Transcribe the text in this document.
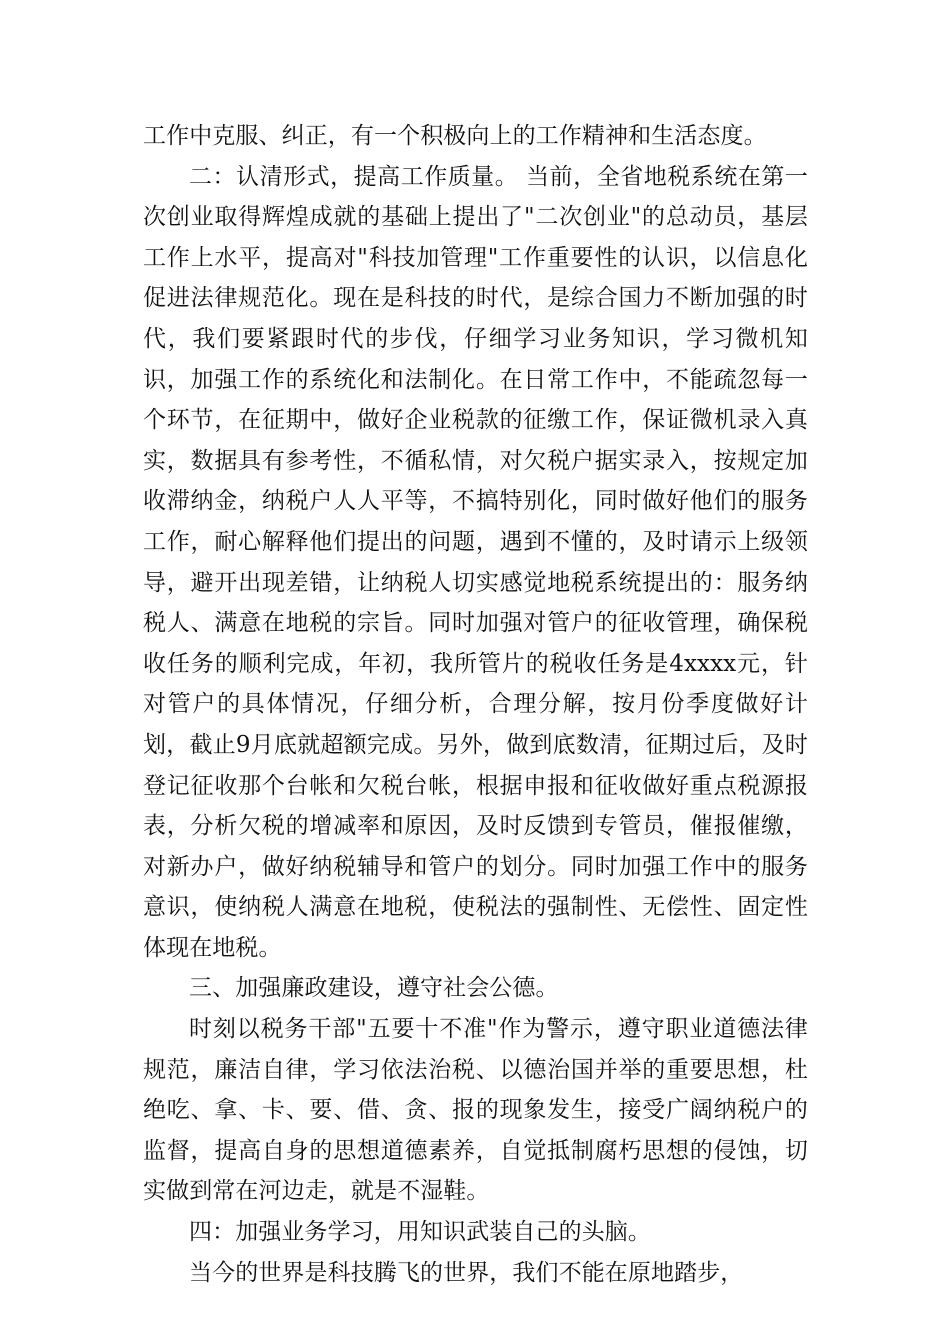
工作中克服、纠正，有一个积极向上的工作精神和生活态度。

二：认清形式，提高工作质量。 当前，全省地税系统在第一次创业取得辉煌成就的基础上提出了"二次创业"的总动员，基层工作上水平，提高对"科技加管理"工作重要性的认识，以信息化促进法律规范化。现在是科技的时代，是综合国力不断加强的时代，我们要紧跟时代的步伐，仔细学习业务知识，学习微机知识，加强工作的系统化和法制化。在日常工作中，不能疏忽每一个环节，在征期中，做好企业税款的征缴工作，保证微机录入真实，数据具有参考性，不循私情，对欠税户据实录入，按规定加收滞纳金，纳税户人人平等，不搞特别化，同时做好他们的服务工作，耐心解释他们提出的问题，遇到不懂的，及时请示上级领导，避开出现差错，让纳税人切实感觉地税系统提出的：服务纳税人、满意在地税的宗旨。同时加强对管户的征收管理，确保税收任务的顺利完成，年初，我所管片的税收任务是4xxxx元，针对管户的具体情况，仔细分析，合理分解，按月份季度做好计划，截止9月底就超额完成。另外，做到底数清，征期过后，及时登记征收那个台帐和欠税台帐，根据申报和征收做好重点税源报表，分析欠税的增减率和原因，及时反馈到专管员，催报催缴，对新办户，做好纳税辅导和管户的划分。同时加强工作中的服务意识，使纳税人满意在地税，使税法的强制性、无偿性、固定性体现在地税。

三、加强廉政建设，遵守社会公德。

时刻以税务干部"五要十不准"作为警示，遵守职业道德法律规范，廉洁自律，学习依法治税、以德治国并举的重要思想，杜绝吃、拿、卡、要、借、贪、报的现象发生，接受广阔纳税户的监督，提高自身的思想道德素养，自觉抵制腐朽思想的侵蚀，切实做到常在河边走，就是不湿鞋。

四：加强业务学习，用知识武装自己的头脑。

当今的世界是科技腾飞的世界，我们不能在原地踏步，
